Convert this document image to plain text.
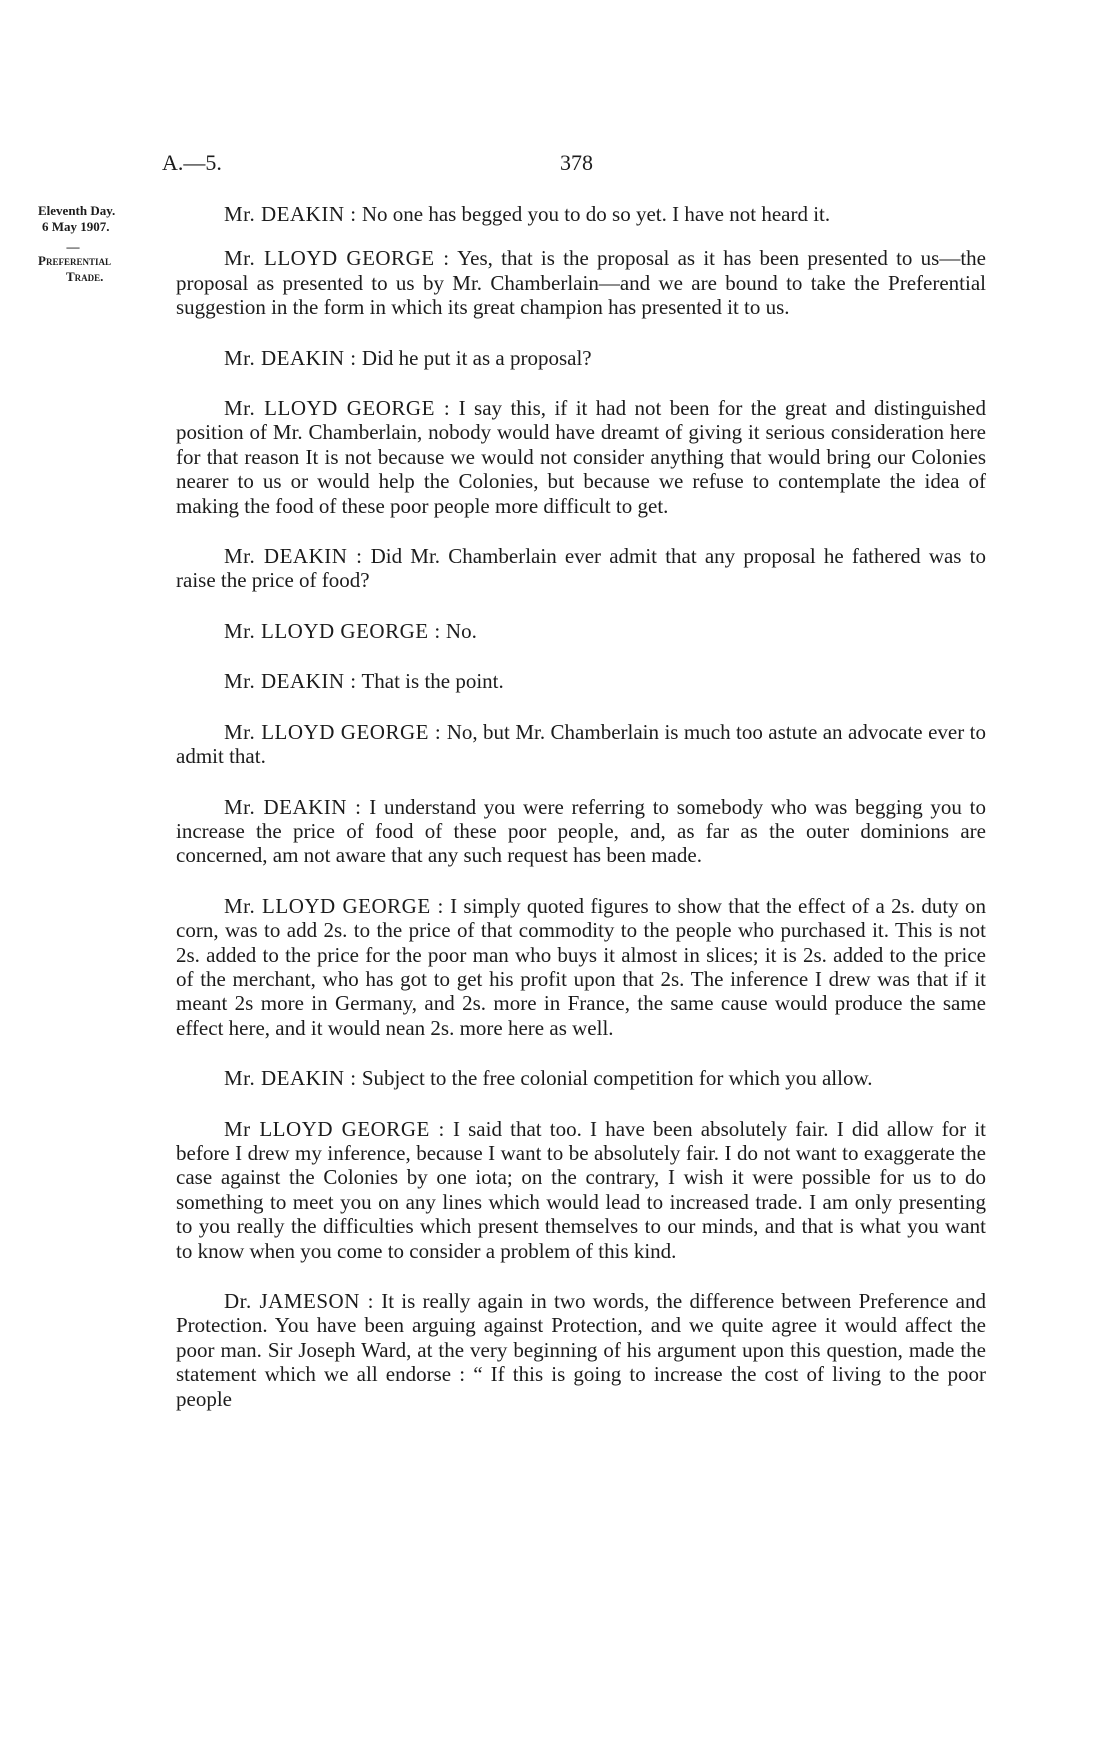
A.—5.	378
Eleventh Day.
6 May 1907.
—
Preferential
Trade.

Mr. DEAKIN : No one has begged you to do so yet. I have not heard it.

Mr. LLOYD GEORGE : Yes, that is the proposal as it has been presented to us—the proposal as presented to us by Mr. Chamberlain—and we are bound to take the Preferential suggestion in the form in which its great champion has presented it to us.

Mr. DEAKIN : Did he put it as a proposal?

Mr. LLOYD GEORGE : I say this, if it had not been for the great and distinguished position of Mr. Chamberlain, nobody would have dreamt of giving it serious consideration here for that reason It is not because we would not consider anything that would bring our Colonies nearer to us or would help the Colonies, but because we refuse to contemplate the idea of making the food of these poor people more difficult to get.

Mr. DEAKIN : Did Mr. Chamberlain ever admit that any proposal he fathered was to raise the price of food?

Mr. LLOYD GEORGE : No.

Mr. DEAKIN : That is the point.

Mr. LLOYD GEORGE : No, but Mr. Chamberlain is much too astute an advocate ever to admit that.

Mr. DEAKIN : I understand you were referring to somebody who was begging you to increase the price of food of these poor people, and, as far as the outer dominions are concerned, am not aware that any such request has been made.

Mr. LLOYD GEORGE : I simply quoted figures to show that the effect of a 2s. duty on corn, was to add 2s. to the price of that commodity to the people who purchased it. This is not 2s. added to the price for the poor man who buys it almost in slices; it is 2s. added to the price of the merchant, who has got to get his profit upon that 2s. The inference I drew was that if it meant 2s more in Germany, and 2s. more in France, the same cause would produce the same effect here, and it would nean 2s. more here as well.

Mr. DEAKIN : Subject to the free colonial competition for which you allow.

Mr LLOYD GEORGE : I said that too. I have been absolutely fair. I did allow for it before I drew my inference, because I want to be absolutely fair. I do not want to exaggerate the case against the Colonies by one iota; on the contrary, I wish it were possible for us to do something to meet you on any lines which would lead to increased trade. I am only presenting to you really the difficulties which present themselves to our minds, and that is what you want to know when you come to consider a problem of this kind.

Dr. JAMESON : It is really again in two words, the difference between Preference and Protection. You have been arguing against Protection, and we quite agree it would affect the poor man. Sir Joseph Ward, at the very beginning of his argument upon this question, made the statement which we all endorse : “ If this is going to increase the cost of living to the poor people
